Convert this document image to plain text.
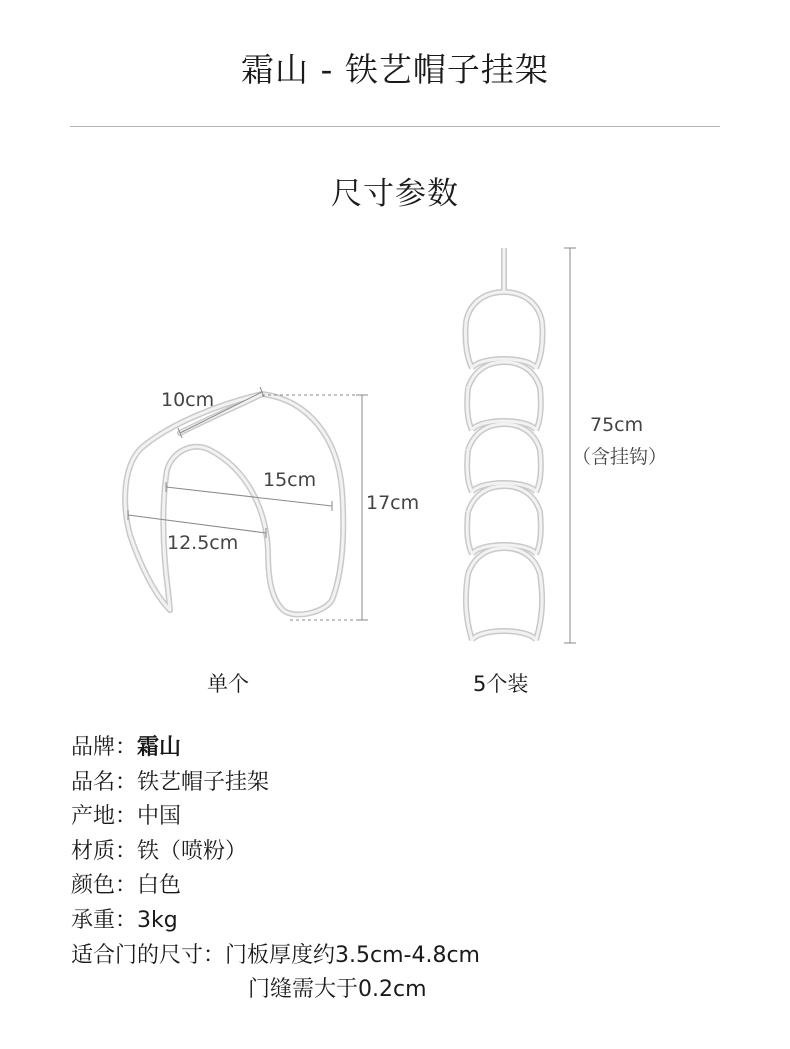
霜山 - 铁艺帽子挂架
尺寸参数
10cm
15cm
12.5cm
17cm
75cm
（含挂钩）
单个	5个装
品牌：霜山
品名：铁艺帽子挂架
产地：中国
材质：铁（喷粉）
颜色：白色
承重：3kg
适合门的尺寸：门板厚度约3.5cm-4.8cm
门缝需大于0.2cm
